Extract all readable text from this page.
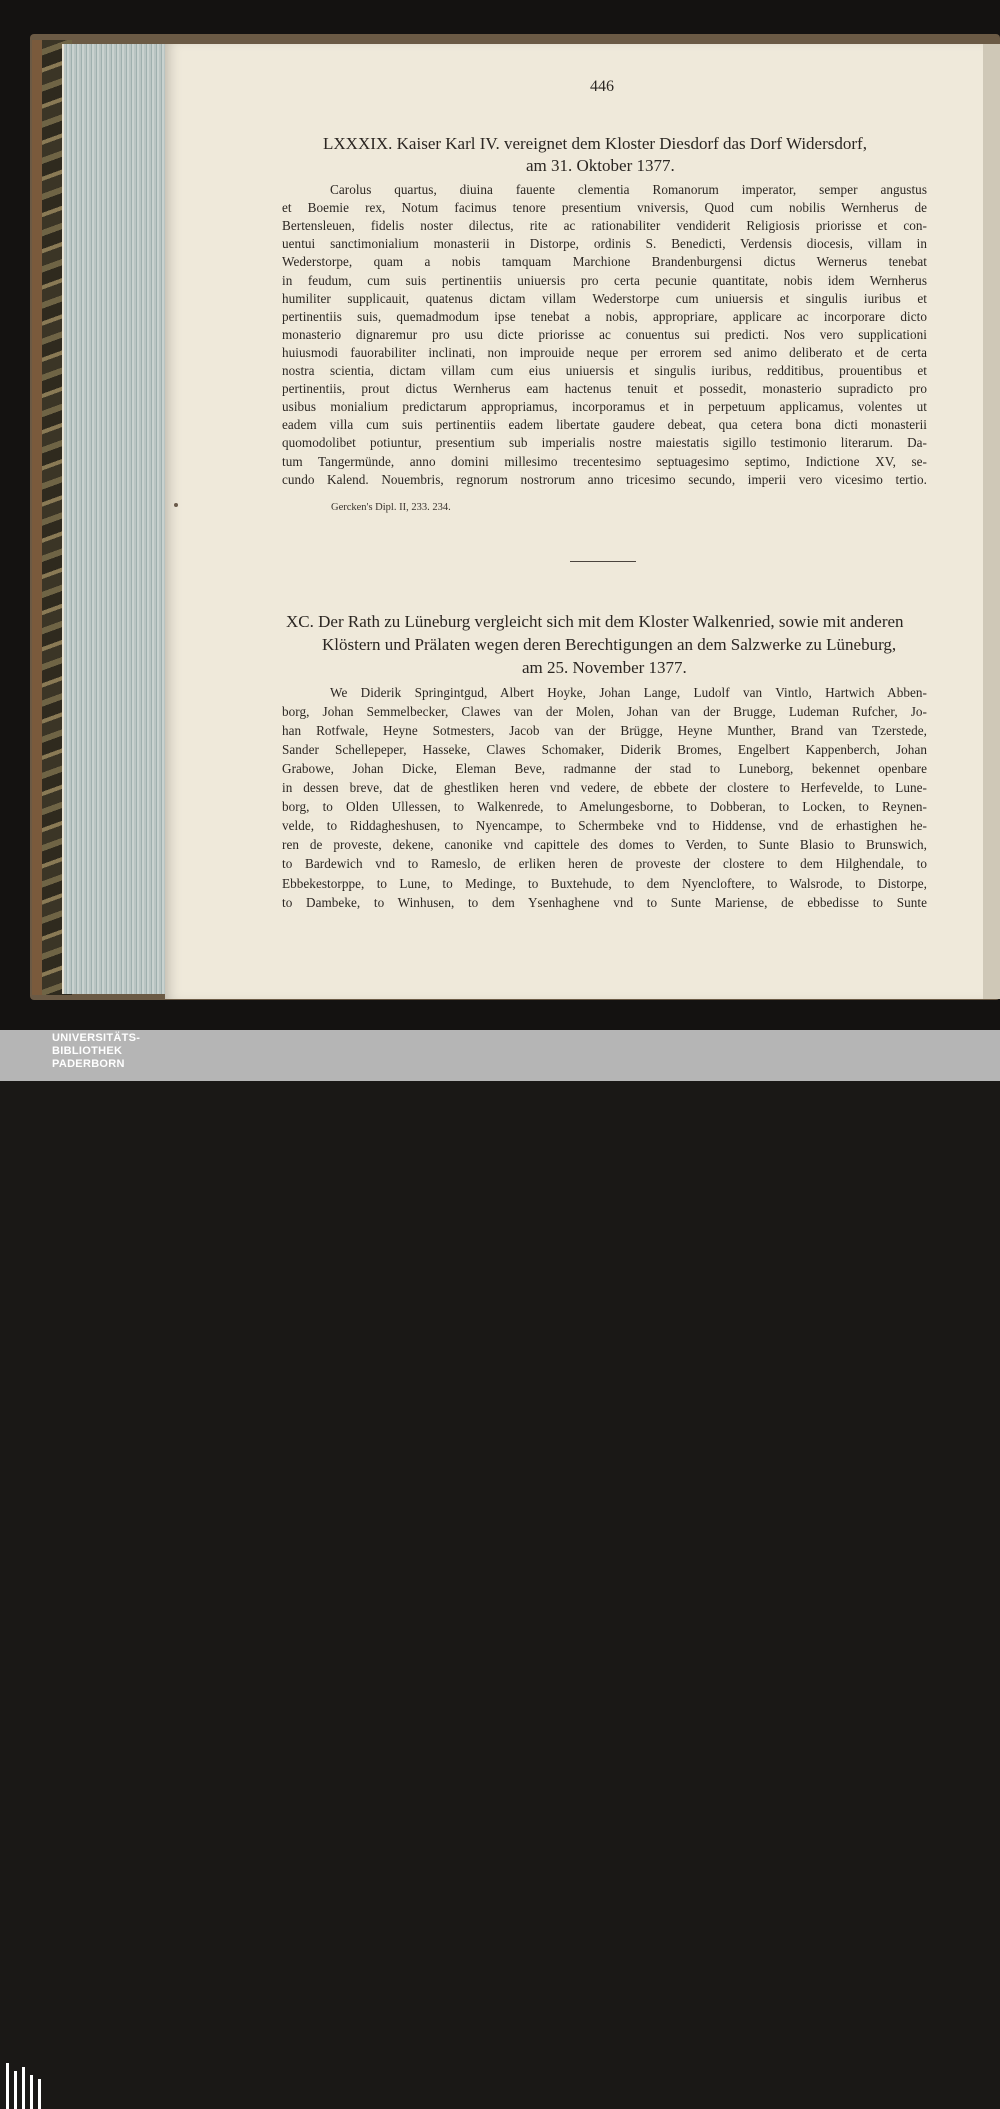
446
LXXXIX. Kaiser Karl IV. vereignet dem Kloster Diesdorf das Dorf Widersdorf,
am 31. Oktober 1377.
Carolus quartus, diuina fauente clementia Romanorum imperator, semper angustus
et Boemie rex, Notum facimus tenore presentium vniversis, Quod cum nobilis Wernherus de
Bertensleuen, fidelis noster dilectus, rite ac rationabiliter vendiderit Religiosis priorisse et con-
uentui sanctimonialium monasterii in Distorpe, ordinis S. Benedicti, Verdensis diocesis, villam in
Wederstorpe, quam a nobis tamquam Marchione Brandenburgensi dictus Wernerus tenebat
in feudum, cum suis pertinentiis uniuersis pro certa pecunie quantitate, nobis idem Wernherus
humiliter supplicauit, quatenus dictam villam Wederstorpe cum uniuersis et singulis iuribus et
pertinentiis suis, quemadmodum ipse tenebat a nobis, appropriare, applicare ac incorporare dicto
monasterio dignaremur pro usu dicte priorisse ac conuentus sui predicti. Nos vero supplicationi
huiusmodi fauorabiliter inclinati, non improuide neque per errorem sed animo deliberato et de certa
nostra scientia, dictam villam cum eius uniuersis et singulis iuribus, redditibus, prouentibus et
pertinentiis, prout dictus Wernherus eam hactenus tenuit et possedit, monasterio supradicto pro
usibus monialium predictarum appropriamus, incorporamus et in perpetuum applicamus, volentes ut
eadem villa cum suis pertinentiis eadem libertate gaudere debeat, qua cetera bona dicti monasterii
quomodolibet potiuntur, presentium sub imperialis nostre maiestatis sigillo testimonio literarum. Da-
tum Tangermünde, anno domini millesimo trecentesimo septuagesimo septimo, Indictione XV, se-
cundo Kalend. Nouembris, regnorum nostrorum anno tricesimo secundo, imperii vero vicesimo tertio.
Gercken's Dipl. II, 233. 234.
XC. Der Rath zu Lüneburg vergleicht sich mit dem Kloster Walkenried, sowie mit anderen
Klöstern und Prälaten wegen deren Berechtigungen an dem Salzwerke zu Lüneburg,
am 25. November 1377.
We Diderik Springintgud, Albert Hoyke, Johan Lange, Ludolf van Vintlo, Hartwich Abben-
borg, Johan Semmelbecker, Clawes van der Molen, Johan van der Brugge, Ludeman Rufcher, Jo-
han Rotfwale, Heyne Sotmesters, Jacob van der Brügge, Heyne Munther, Brand van Tzerstede,
Sander Schellepeper, Hasseke, Clawes Schomaker, Diderik Bromes, Engelbert Kappenberch, Johan
Grabowe, Johan Dicke, Eleman Beve, radmanne der stad to Luneborg, bekennet openbare
in dessen breve, dat de ghestliken heren vnd vedere, de ebbete der clostere to Herfevelde, to Lune-
borg, to Olden Ullessen, to Walkenrede, to Amelungesborne, to Dobberan, to Locken, to Reynen-
velde, to Riddagheshusen, to Nyencampe, to Schermbeke vnd to Hiddense, vnd de erhastighen he-
ren de proveste, dekene, canonike vnd capittele des domes to Verden, to Sunte Blasio to Brunswich,
to Bardewich vnd to Rameslo, de erliken heren de proveste der clostere to dem Hilghendale, to
Ebbekestorppe, to Lune, to Medinge, to Buxtehude, to dem Nyencloftere, to Walsrode, to Distorpe,
to Dambeke, to Winhusen, to dem Ysenhaghene vnd to Sunte Mariense, de ebbedisse to Sunte
UNIVERSITÄTS-
BIBLIOTHEK
PADERBORN
